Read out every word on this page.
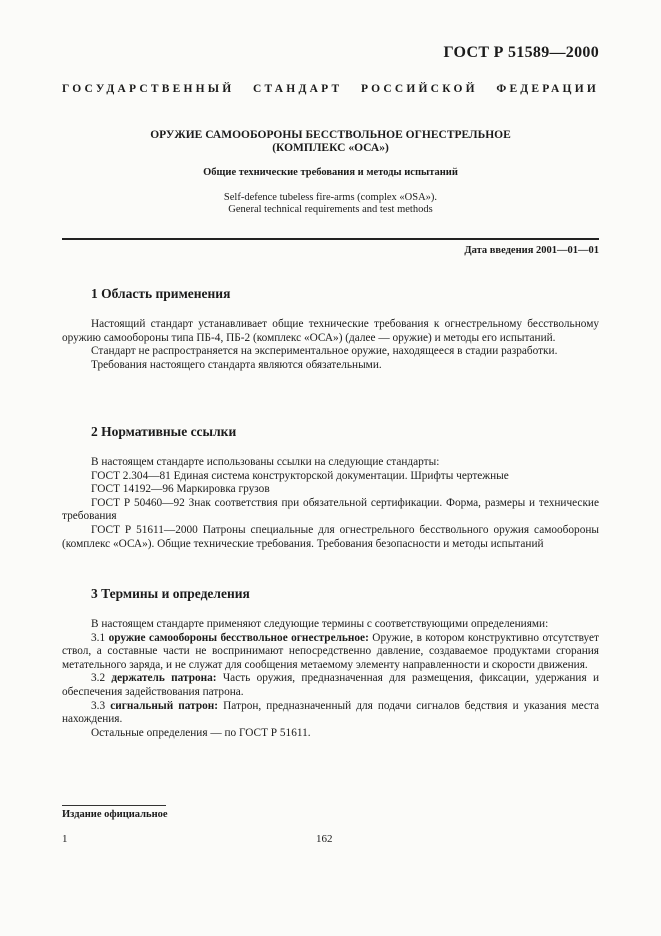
ГОСТ Р 51589—2000
ГОСУДАРСТВЕННЫЙ СТАНДАРТ РОССИЙСКОЙ ФЕДЕРАЦИИ
ОРУЖИЕ САМООБОРОНЫ БЕССТВОЛЬНОЕ ОГНЕСТРЕЛЬНОЕ
(КОМПЛЕКС «ОСА»)
Общие технические требования и методы испытаний
Self-defence tubeless fire-arms (complex «OSA»).
General technical requirements and test methods
Дата введения 2001—01—01
1 Область применения

Настоящий стандарт устанавливает общие технические требования к огнестрельному бесствольному оружию самообороны типа ПБ-4, ПБ-2 (комплекс «ОСА») (далее — оружие) и методы его испытаний.

Стандарт не распространяется на экспериментальное оружие, находящееся в стадии разработки.

Требования настоящего стандарта являются обязательными.

2 Нормативные ссылки

В настоящем стандарте использованы ссылки на следующие стандарты:

ГОСТ 2.304—81 Единая система конструкторской документации. Шрифты чертежные

ГОСТ 14192—96 Маркировка грузов

ГОСТ Р 50460—92 Знак соответствия при обязательной сертификации. Форма, размеры и технические требования

ГОСТ Р 51611—2000 Патроны специальные для огнестрельного бесствольного оружия самообороны (комплекс «ОСА»). Общие технические требования. Требования безопасности и методы испытаний

3 Термины и определения

В настоящем стандарте применяют следующие термины с соответствующими определениями:

3.1 оружие самообороны бесствольное огнестрельное: Оружие, в котором конструктивно отсутствует ствол, а составные части не воспринимают непосредственно давление, создаваемое продуктами сгорания метательного заряда, и не служат для сообщения метаемому элементу направленности и скорости движения.

3.2 держатель патрона: Часть оружия, предназначенная для размещения, фиксации, удержания и обеспечения задействования патрона.

3.3 сигнальный патрон: Патрон, предназначенный для подачи сигналов бедствия и указания места нахождения.

Остальные определения — по ГОСТ Р 51611.

Издание официальное
1	162
